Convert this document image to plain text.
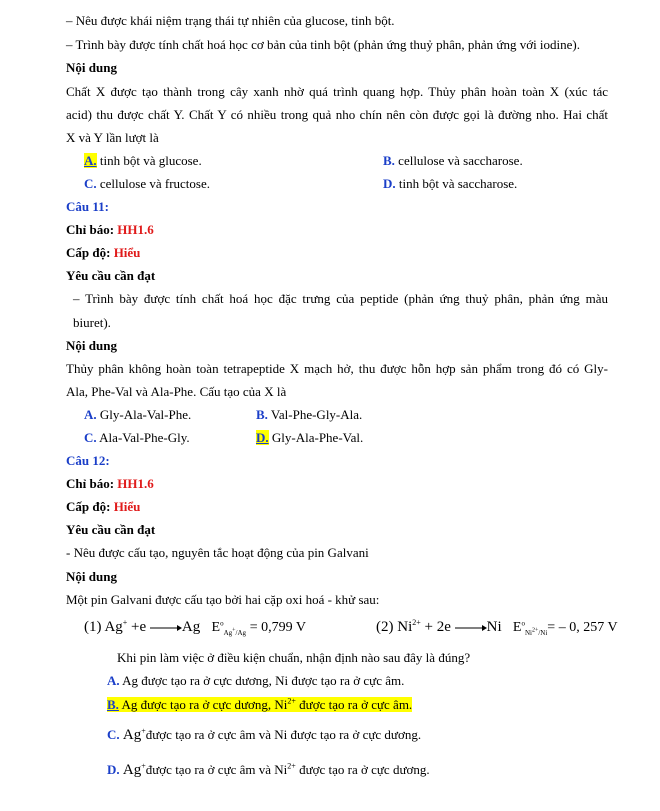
– Nêu được khái niệm trạng thái tự nhiên của glucose, tinh bột.
– Trình bày được tính chất hoá học cơ bản của tinh bột (phản ứng thuỷ phân, phản ứng với iodine).
Nội dung
Chất X được tạo thành trong cây xanh nhờ quá trình quang hợp. Thủy phân hoàn toàn X (xúc tác
acid) thu được chất Y. Chất Y có nhiều trong quả nho chín nên còn được gọi là đường nho. Hai chất
X và Y lần lượt là
A. tinh bột và glucose.	B. cellulose và saccharose.
C. cellulose và fructose.	D. tinh bột và saccharose.
Câu 11:
Chỉ báo: HH1.6
Cấp độ: Hiểu
Yêu cầu cần đạt
– Trình bày được tính chất hoá học đặc trưng của peptide (phản ứng thuỷ phân, phản ứng màu
biuret).
Nội dung
Thủy phân không hoàn toàn tetrapeptide X mạch hở, thu được hỗn hợp sản phẩm trong đó có Gly-
Ala, Phe-Val và Ala-Phe. Cấu tạo của X là
A. Gly-Ala-Val-Phe.	B. Val-Phe-Gly-Ala.
C. Ala-Val-Phe-Gly.	D. Gly-Ala-Phe-Val.
Câu 12:
Chỉ báo: HH1.6
Cấp độ: Hiểu
Yêu cầu cần đạt
- Nêu được cấu tạo, nguyên tắc hoạt động của pin Galvani
Nội dung
Một pin Galvani được cấu tạo bởi hai cặp oxi hoá - khử sau:
(1) Ag+ +e →Ag $E^o_{Ag^+/Ag} = 0,799$ V	(2) $Ni^{2+} + 2e \to Ni$ $E^o_{Ni^{2+}/Ni}= - 0$, 257 V
Khi pin làm việc ở điều kiện chuẩn, nhận định nào sau đây là đúng?
A. Ag được tạo ra ở cực dương, Ni được tạo ra ở cực âm.
B. Ag được tạo ra ở cực dương, $Ni^{2+}$ được tạo ra ở cực âm.
C. Ag+được tạo ra ở cực âm và Ni được tạo ra ở cực dương.
D. Ag+được tạo ra ở cực âm và $Ni^{2+}$ được tạo ra ở cực dương.
